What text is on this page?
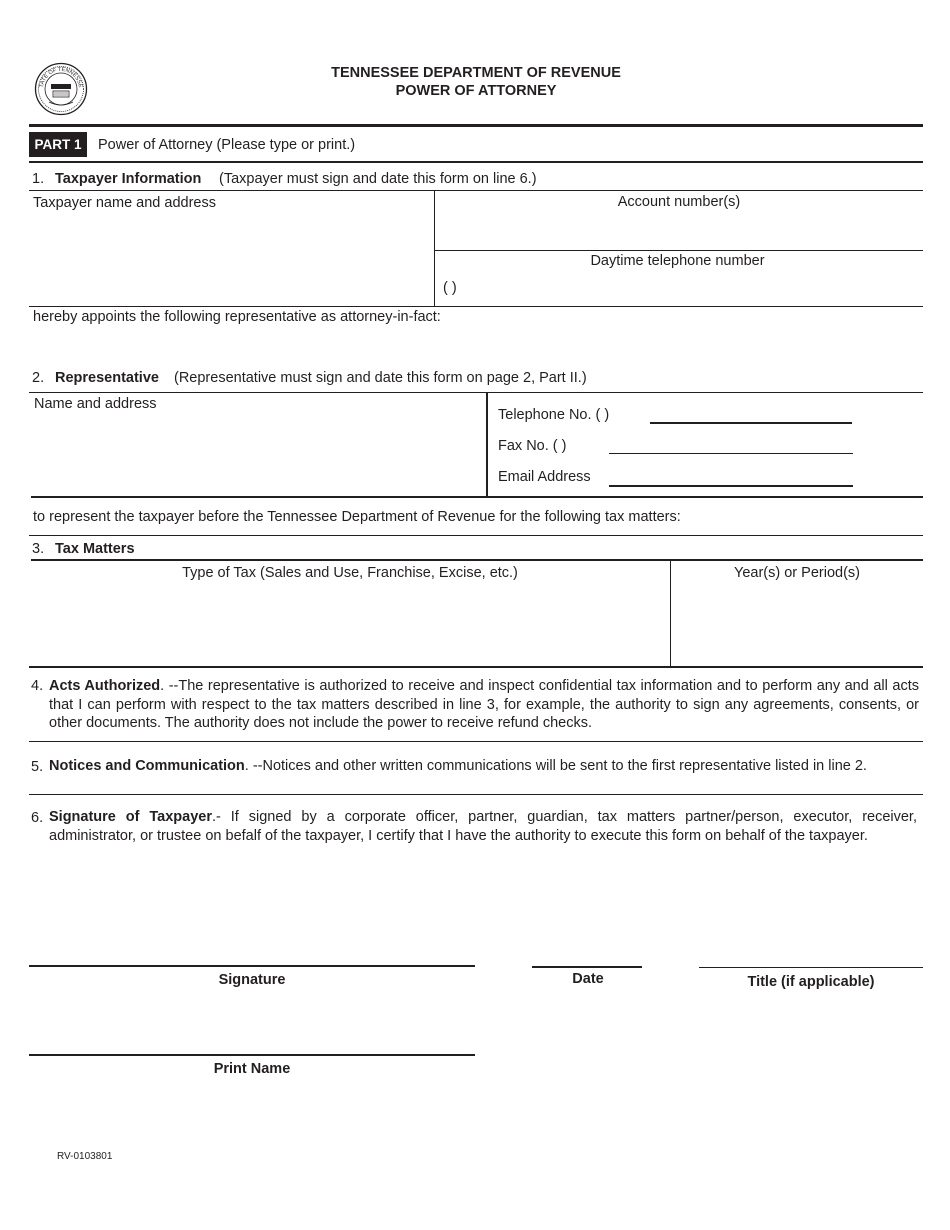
TATE OF TENNESSE
TENNESSEE DEPARTMENT OF REVENUE
POWER OF ATTORNEY
PART 1	Power of Attorney (Please type or print.)
1. Taxpayer Information (Taxpayer must sign and date this form on line 6.)
Taxpayer name and address	Account number(s)
Daytime telephone number
( )
hereby appoints the following representative as attorney-in-fact:
2. Representative (Representative must sign and date this form on page 2, Part II.)
Name and address
Telephone No. ( )
Fax No. ( )
Email Address
to represent the taxpayer before the Tennessee Department of Revenue for the following tax matters:
3. Tax Matters
Type of Tax (Sales and Use, Franchise, Excise, etc.)	Year(s) or Period(s)
4. Acts Authorized. --The representative is authorized to receive and inspect confidential tax information and to perform any and all acts that I can perform with respect to the tax matters described in line 3, for example, the authority to sign any agreements, consents, or other documents. The authority does not include the power to receive refund checks.
5. Notices and Communication. --Notices and other written communications will be sent to the first representative listed in line 2.
6. Signature of Taxpayer.- If signed by a corporate officer, partner, guardian, tax matters partner/person, executor, receiver, administrator, or trustee on befalf of the taxpayer, I certify that I have the authority to execute this form on behalf of the taxpayer.
Signature	Date	Title (if applicable)
Print Name
RV-0103801
